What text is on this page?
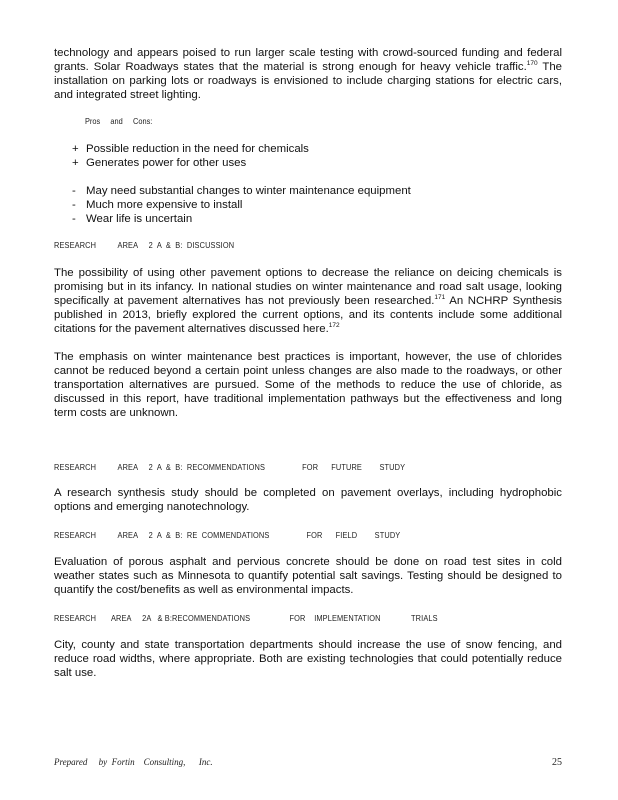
technology and appears poised to run larger scale testing with crowd-sourced funding and federal grants. Solar Roadways states that the material is strong enough for heavy vehicle traffic.$^{170}$ The installation on parking lots or roadways is envisioned to include charging stations for electric cars, and integrated street lighting.

Pros     and     Cons:
+ Possible reduction in the need for chemicals
+ Generates power for other uses
- May need substantial changes to winter maintenance equipment
- Much more expensive to install
- Wear life is uncertain
RESEARCH          AREA     2  A  &  B:  DISCUSSION

The possibility of using other pavement options to decrease the reliance on deicing chemicals is promising but in its infancy. In national studies on winter maintenance and road salt usage, looking specifically at pavement alternatives has not previously been researched.$^{171}$ An NCHRP Synthesis published in 2013, briefly explored the current options, and its contents include some additional citations for the pavement alternatives discussed here.$^{172}$

The emphasis on winter maintenance best practices is important, however, the use of chlorides cannot be reduced beyond a certain point unless changes are also made to the roadways, or other transportation alternatives are pursued. Some of the methods to reduce the use of chloride, as discussed in this report, have traditional implementation pathways but the effectiveness and long term costs are unknown.

RESEARCH          AREA     2  A  &  B:  RECOMMENDATIONS                 FOR      FUTURE        STUDY

A research synthesis study should be completed on pavement overlays, including hydrophobic options and emerging nanotechnology.

RESEARCH          AREA     2  A  &  B:  RE  COMMENDATIONS                 FOR      FIELD        STUDY

Evaluation of porous asphalt and pervious concrete should be done on road test sites in cold weather states such as Minnesota to quantify potential salt savings. Testing should be designed to quantify the cost/benefits as well as environmental impacts.

RESEARCH       AREA     2A   & B:RECOMMENDATIONS                  FOR    IMPLEMENTATION              TRIALS

City, county and state transportation departments should increase the use of snow fencing, and reduce road widths, where appropriate. Both are existing technologies that could potentially reduce salt use.

Prepared     by  Fortin    Consulting,      Inc.	25
